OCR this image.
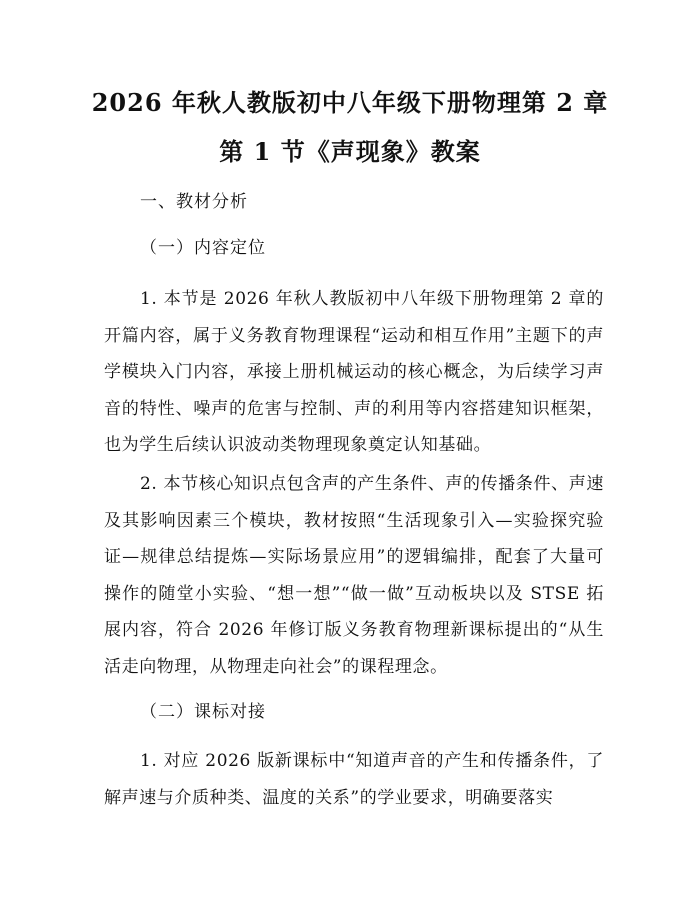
2026 年秋人教版初中八年级下册物理第 2 章
第 1 节《声现象》教案

一、教材分析

（一）内容定位

1. 本节是 2026 年秋人教版初中八年级下册物理第 2 章的开篇内容，属于义务教育物理课程“运动和相互作用”主题下的声学模块入门内容，承接上册机械运动的核心概念，为后续学习声音的特性、噪声的危害与控制、声的利用等内容搭建知识框架，也为学生后续认识波动类物理现象奠定认知基础。

2. 本节核心知识点包含声的产生条件、声的传播条件、声速及其影响因素三个模块，教材按照“生活现象引入—实验探究验证—规律总结提炼—实际场景应用”的逻辑编排，配套了大量可操作的随堂小实验、“想一想”“做一做”互动板块以及 STSE 拓展内容，符合 2026 年修订版义务教育物理新课标提出的“从生活走向物理，从物理走向社会”的课程理念。

（二）课标对接

1. 对应 2026 版新课标中“知道声音的产生和传播条件，了解声速与介质种类、温度的关系”的学业要求，明确要落实
